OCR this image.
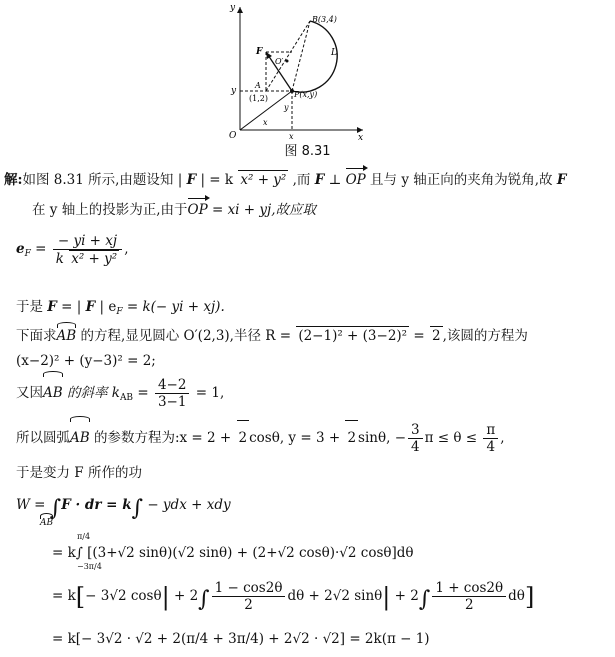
y
x
O
B(3,4)
L
F
O′
A
(1,2)	P(x,y)
y
y
x
x
图 8.31
解:如图 8.31 所示,由题设知 | F | = k x² + y² ,而 F ⊥ OP 且与 y 轴正向的夹角为锐角,故 F
在 y 轴上的投影为正,由于OP = xi + yj,故应取
$e_F = \frac{- yi + xj}{\text{k x² + y²}}$ ,
于是 F = | F | $e_F = k(-$ yi + xj).
下面求AB 的方程,显见圆心 O′(2,3),半径 R = (2−1)² + (3−2)² = 2 ,该圆的方程为
(x−2)² + (y−3)² = 2;
又因AB 的斜率 $k_{AB} = \frac{4-2}{3-1} = 1$,
所以圆弧AB 的参数方程为:x = 2 + 2 cosθ, y = 3 + 2 sinθ, − $\frac{3}{4}$ $\pi \le \theta \le \frac{\pi}{4}$ ,
于是变力 F 所作的功
W = ∫F · dr = k∫ − ydx + xdy
AB
= k∫ [(3+√2 sinθ)(√2 sinθ) + (2+√2 cosθ)·√2 cosθ]dθ
π/4
−3π/4
= k[− 3√2 $\cos\theta| + 2\int \frac{1 - \cos 2\theta}{2}$ dθ + 2√2 $\sin\theta| + 2\int \frac{1 + \cos 2\theta}{2} d\theta$]
= k[− 3√2 · √2 + 2(π/4 + 3π/4) + 2√2 · √2] = 2k(π − 1)
